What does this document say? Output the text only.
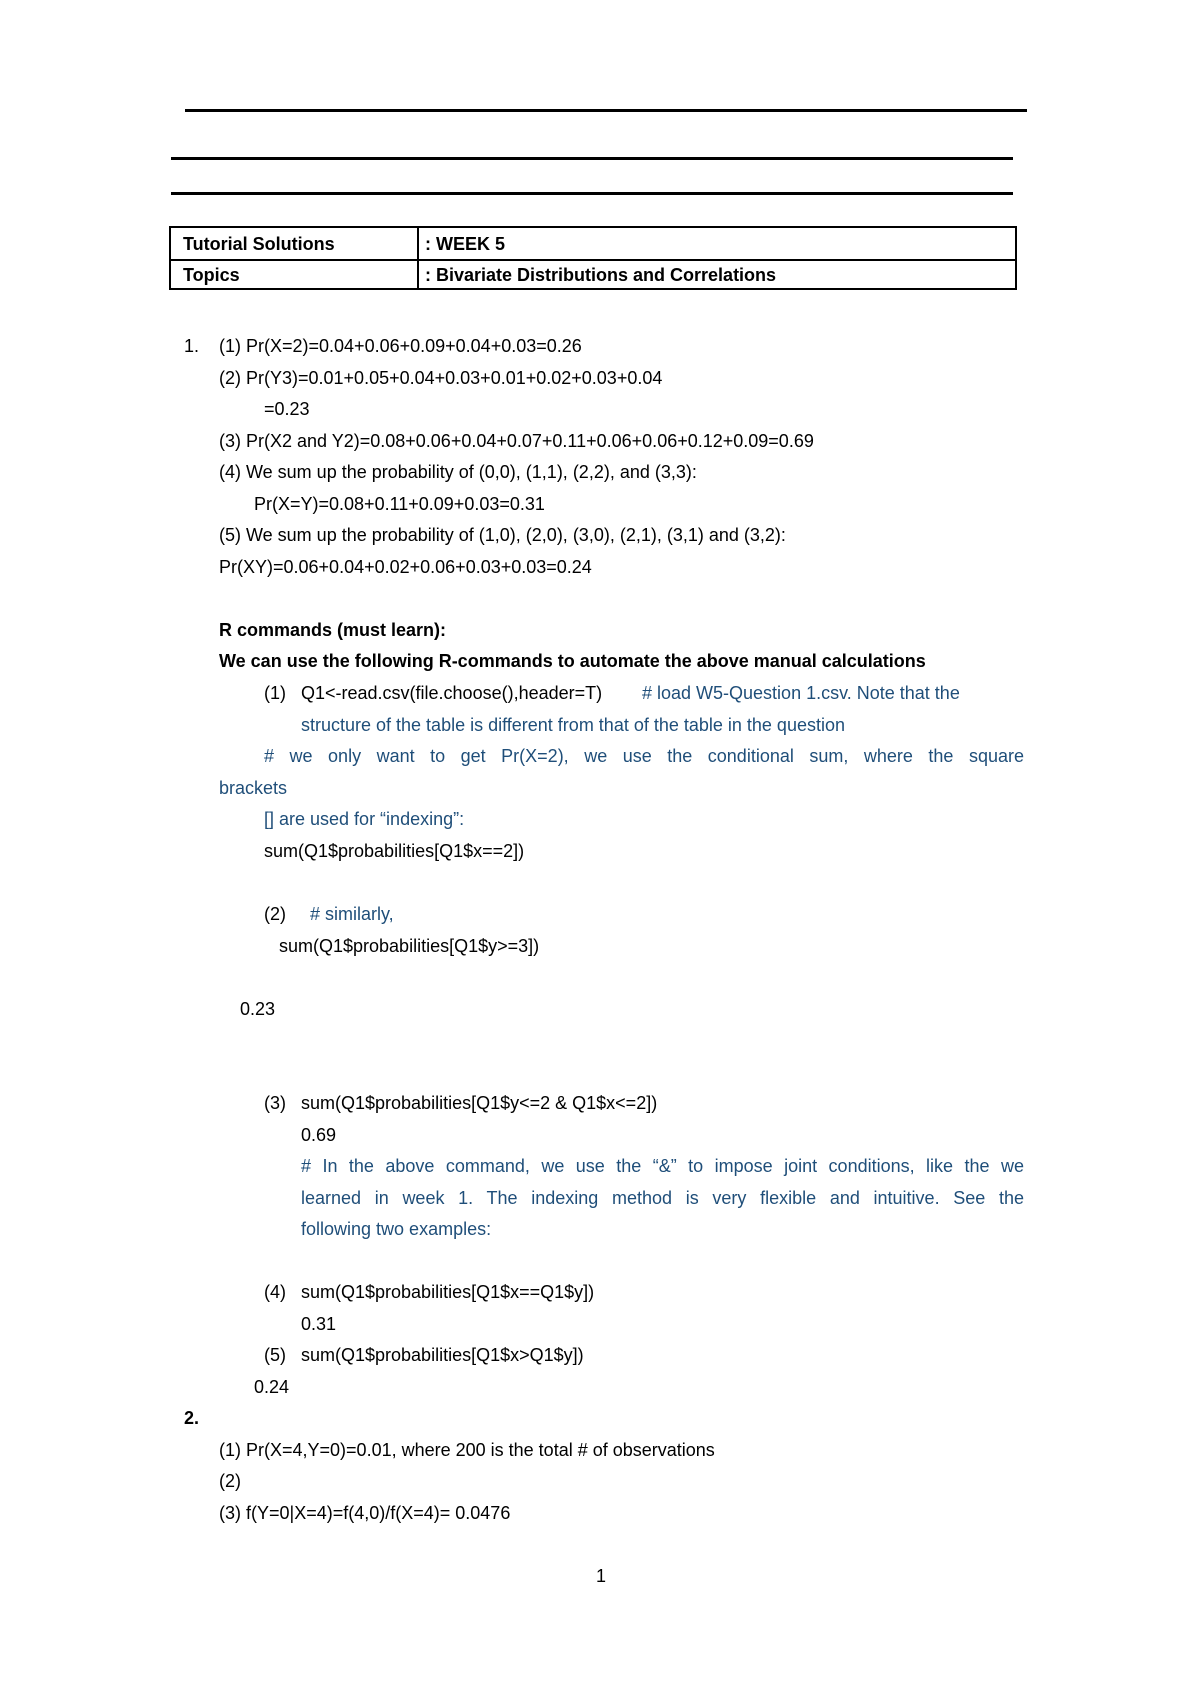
Tutorial Solutions	: WEEK 5
Topics	: Bivariate Distributions and Correlations
1. (1) Pr(X=2)=0.04+0.06+0.09+0.04+0.03=0.26
(2) Pr(Y3)=0.01+0.05+0.04+0.03+0.01+0.02+0.03+0.04
=0.23
(3) Pr(X2 and Y2)=0.08+0.06+0.04+0.07+0.11+0.06+0.06+0.12+0.09=0.69
(4) We sum up the probability of (0,0), (1,1), (2,2), and (3,3):
Pr(X=Y)=0.08+0.11+0.09+0.03=0.31
(5) We sum up the probability of (1,0), (2,0), (3,0), (2,1), (3,1) and (3,2):
Pr(XY)=0.06+0.04+0.02+0.06+0.03+0.03=0.24
R commands (must learn):
We can use the following R-commands to automate the above manual calculations
(1) Q1<-read.csv(file.choose(),header=T) # load W5-Question 1.csv. Note that the
structure of the table is different from that of the table in the question
# we only want to get Pr(X=2), we use the conditional sum, where the square
brackets
[] are used for “indexing”:
sum(Q1$probabilities[Q1$x==2])
(2) # similarly,
sum(Q1$probabilities[Q1$y>=3])
0.23
(3) sum(Q1$probabilities[Q1$y<=2 & Q1$x<=2])
0.69
# In the above command, we use the “&” to impose joint conditions, like the we
learned in week 1. The indexing method is very flexible and intuitive. See the
following two examples:
(4) sum(Q1$probabilities[Q1$x==Q1$y])
0.31
(5) sum(Q1$probabilities[Q1$x>Q1$y])
0.24
2.
(1) Pr(X=4,Y=0)=0.01, where 200 is the total # of observations
(2)
(3) f(Y=0|X=4)=f(4,0)/f(X=4)= 0.0476
1
